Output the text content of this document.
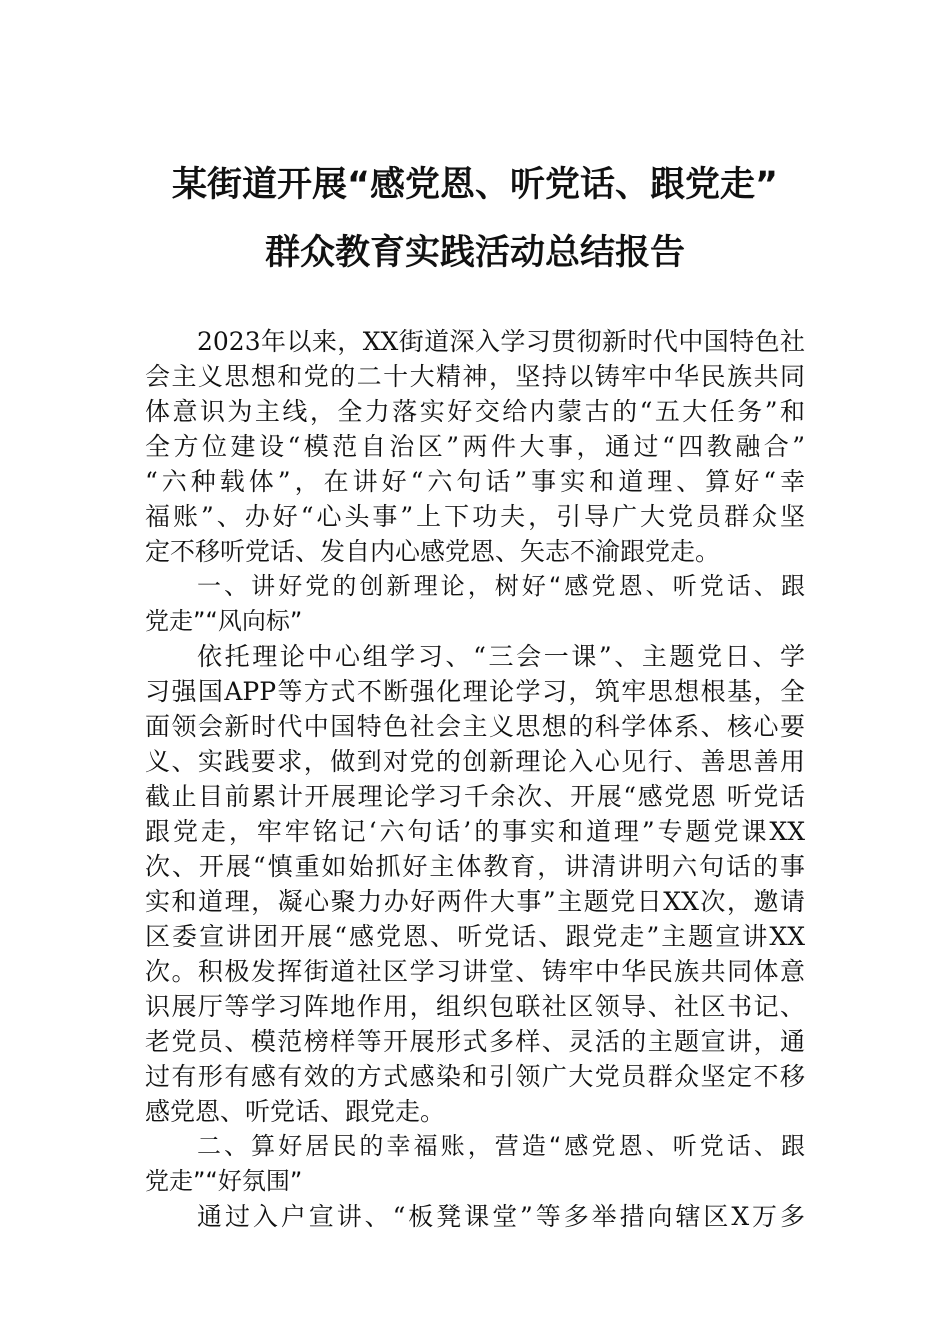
某街道开展“感党恩、听党话、跟党走”
群众教育实践活动总结报告
2023年以来，XX街道深入学习贯彻新时代中国特色社
会主义思想和党的二十大精神，坚持以铸牢中华民族共同
体意识为主线，全力落实好交给内蒙古的“五大任务”和
全方位建设“模范自治区”两件大事，通过“四教融合”
“六种载体”，在讲好“六句话”事实和道理、算好“幸
福账”、办好“心头事”上下功夫，引导广大党员群众坚
定不移听党话、发自内心感党恩、矢志不渝跟党走。
一、讲好党的创新理论，树好“感党恩、听党话、跟
党走”“风向标”
依托理论中心组学习、“三会一课”、主题党日、学
习强国APP等方式不断强化理论学习，筑牢思想根基，全
面领会新时代中国特色社会主义思想的科学体系、核心要
义、实践要求，做到对党的创新理论入心见行、善思善用
截止目前累计开展理论学习千余次、开展“感党恩 听党话
跟党走，牢牢铭记‘六句话’的事实和道理”专题党课XX
次、开展“慎重如始抓好主体教育，讲清讲明六句话的事
实和道理，凝心聚力办好两件大事”主题党日XX次，邀请
区委宣讲团开展“感党恩、听党话、跟党走”主题宣讲XX
次。积极发挥街道社区学习讲堂、铸牢中华民族共同体意
识展厅等学习阵地作用，组织包联社区领导、社区书记、
老党员、模范榜样等开展形式多样、灵活的主题宣讲，通
过有形有感有效的方式感染和引领广大党员群众坚定不移
感党恩、听党话、跟党走。
二、算好居民的幸福账，营造“感党恩、听党话、跟
党走”“好氛围”
通过入户宣讲、“板凳课堂”等多举措向辖区X万多
